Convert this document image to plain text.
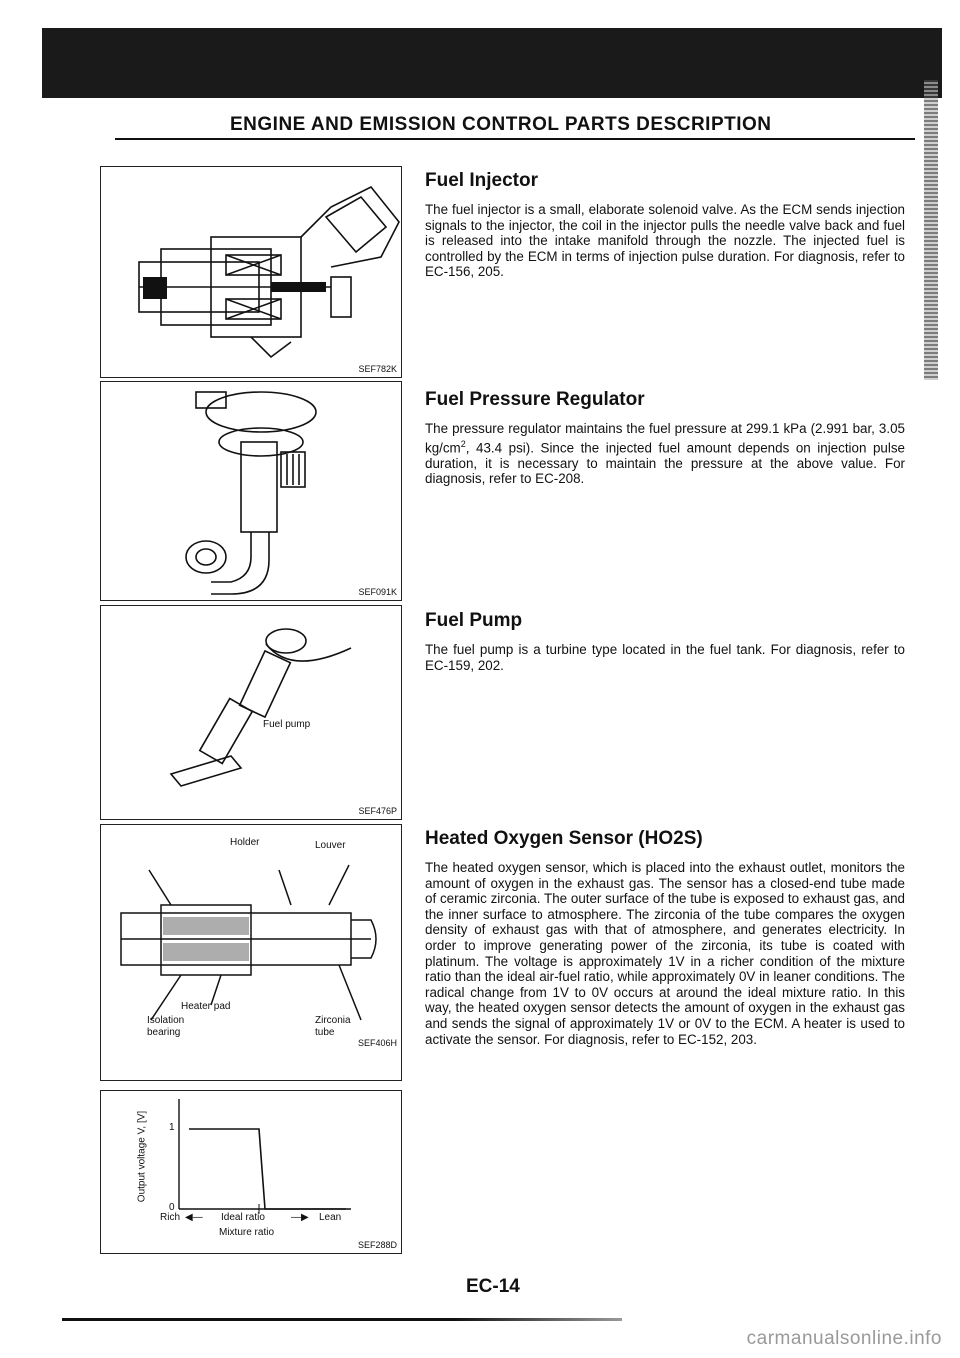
ENGINE AND EMISSION CONTROL PARTS DESCRIPTION
SEF782K
SEF091K
Fuel pump
SEF476P
Holder	Louver
Heater pad
Isolation
bearing
Zirconia
tube
SEF406H
Output voltage V, [V] 1
0
Rich ◀— Ideal ratio	—▶ Lean
Mixture ratio
SEF288D
Fuel Injector

The fuel injector is a small, elaborate solenoid valve. As the ECM sends injection signals to the injector, the coil in the injector pulls the needle valve back and fuel is released into the intake manifold through the nozzle. The injected fuel is controlled by the ECM in terms of injection pulse duration. For diagnosis, refer to EC-156, 205.

Fuel Pressure Regulator

The pressure regulator maintains the fuel pressure at 299.1 kPa (2.991 bar, 3.05 $kg/cm^2$, 43.4 psi). Since the injected fuel amount depends on injection pulse duration, it is necessary to maintain the pressure at the above value. For diagnosis, refer to EC-208.

Fuel Pump

The fuel pump is a turbine type located in the fuel tank. For diagnosis, refer to EC-159, 202.

Heated Oxygen Sensor (HO2S)

The heated oxygen sensor, which is placed into the exhaust outlet, monitors the amount of oxygen in the exhaust gas. The sensor has a closed-end tube made of ceramic zirconia. The outer surface of the tube is exposed to exhaust gas, and the inner surface to atmosphere. The zirconia of the tube compares the oxygen density of exhaust gas with that of atmosphere, and generates electricity. In order to improve generating power of the zirconia, its tube is coated with platinum. The voltage is approximately 1V in a richer condition of the mixture ratio than the ideal air-fuel ratio, while approximately 0V in leaner conditions. The radical change from 1V to 0V occurs at around the ideal mixture ratio. In this way, the heated oxygen sensor detects the amount of oxygen in the exhaust gas and sends the signal of approximately 1V or 0V to the ECM. A heater is used to activate the sensor. For diagnosis, refer to EC-152, 203.

EC-14
carmanualsonline.info
